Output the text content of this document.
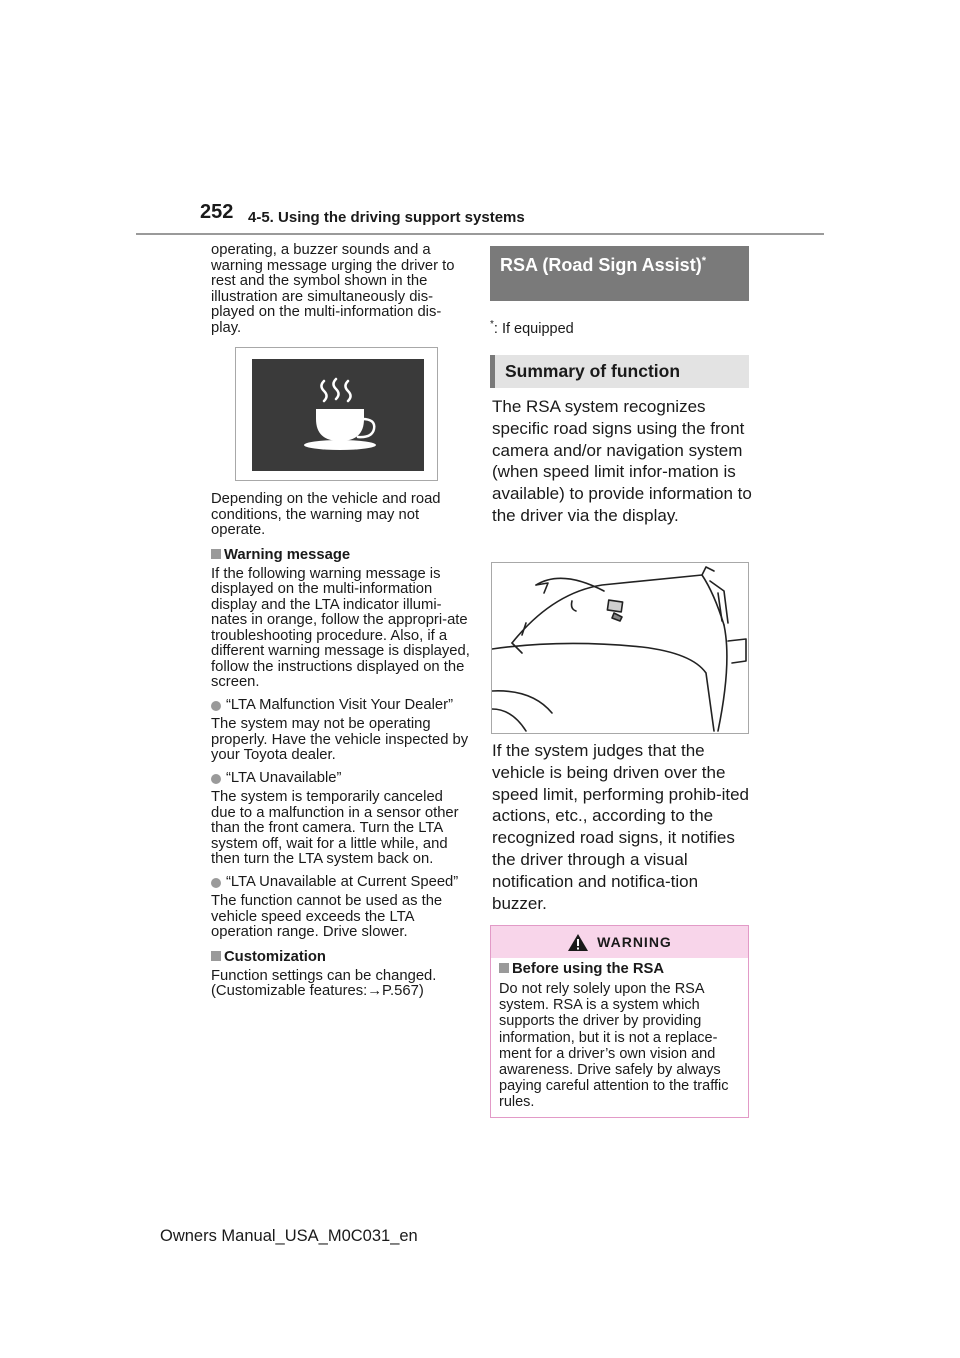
252 4-5. Using the driving support systems

operating, a buzzer sounds and a warning message urging the driver to rest and the symbol shown in the illustration are simultaneously dis-played on the multi-information dis-play.

Depending on the vehicle and road conditions, the warning may not operate.

Warning message

If the following warning message is displayed on the multi-information display and the LTA indicator illumi-nates in orange, follow the appropri-ate troubleshooting procedure. Also, if a different warning message is displayed, follow the instructions displayed on the screen.

“LTA Malfunction Visit Your Dealer”

The system may not be operating properly. Have the vehicle inspected by your Toyota dealer.

“LTA Unavailable”

The system is temporarily canceled due to a malfunction in a sensor other than the front camera. Turn the LTA system off, wait for a little while, and then turn the LTA system back on.

“LTA Unavailable at Current Speed”

The function cannot be used as the vehicle speed exceeds the LTA operation range. Drive slower.

Customization

Function settings can be changed. (Customizable features:→P.567)

RSA (Road Sign Assist)*
*: If equipped
Summary of function

The RSA system recognizes specific road signs using the front camera and/or navigation system (when speed limit infor-mation is available) to provide information to the driver via the display.

If the system judges that the vehicle is being driven over the speed limit, performing prohib-ited actions, etc., according to the recognized road signs, it notifies the driver through a visual notification and notifica-tion buzzer.

WARNING
Before using the RSA

Do not rely solely upon the RSA system. RSA is a system which supports the driver by providing information, but it is not a replace-ment for a driver’s own vision and awareness. Drive safely by always paying careful attention to the traffic rules.

Owners Manual_USA_M0C031_en
